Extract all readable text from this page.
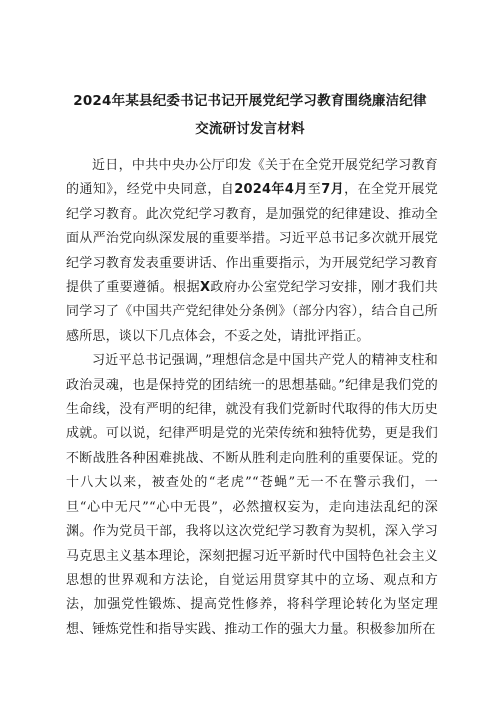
2024年某县纪委书记书记开展党纪学习教育围绕廉洁纪律
交流研讨发言材料

近日，中共中央办公厅印发《关于在全党开展党纪学习教育的通知》，经党中央同意，自2024年4月至7月，在全党开展党纪学习教育。此次党纪学习教育，是加强党的纪律建设、推动全面从严治党向纵深发展的重要举措。习近平总书记多次就开展党纪学习教育发表重要讲话、作出重要指示，为开展党纪学习教育提供了重要遵循。根据X政府办公室党纪学习安排，刚才我们共同学习了《中国共产党纪律处分条例》（部分内容），结合自己所感所思，谈以下几点体会，不妥之处，请批评指正。

习近平总书记强调，”理想信念是中国共产党人的精神支柱和政治灵魂，也是保持党的团结统一的思想基础。”纪律是我们党的生命线，没有严明的纪律，就没有我们党新时代取得的伟大历史成就。可以说，纪律严明是党的光荣传统和独特优势，更是我们不断战胜各种困难挑战、不断从胜利走向胜利的重要保证。党的十八大以来，被查处的“老虎”“苍蝇”无一不在警示我们，一旦“心中无尺”“心中无畏”，必然擅权妄为，走向违法乱纪的深渊。作为党员干部，我将以这次党纪学习教育为契机，深入学习马克思主义基本理论，深刻把握习近平新时代中国特色社会主义思想的世界观和方法论，自觉运用贯穿其中的立场、观点和方法，加强党性锻炼、提高党性修养，将科学理论转化为坚定理想、锤炼党性和指导实践、推动工作的强大力量。积极参加所在
